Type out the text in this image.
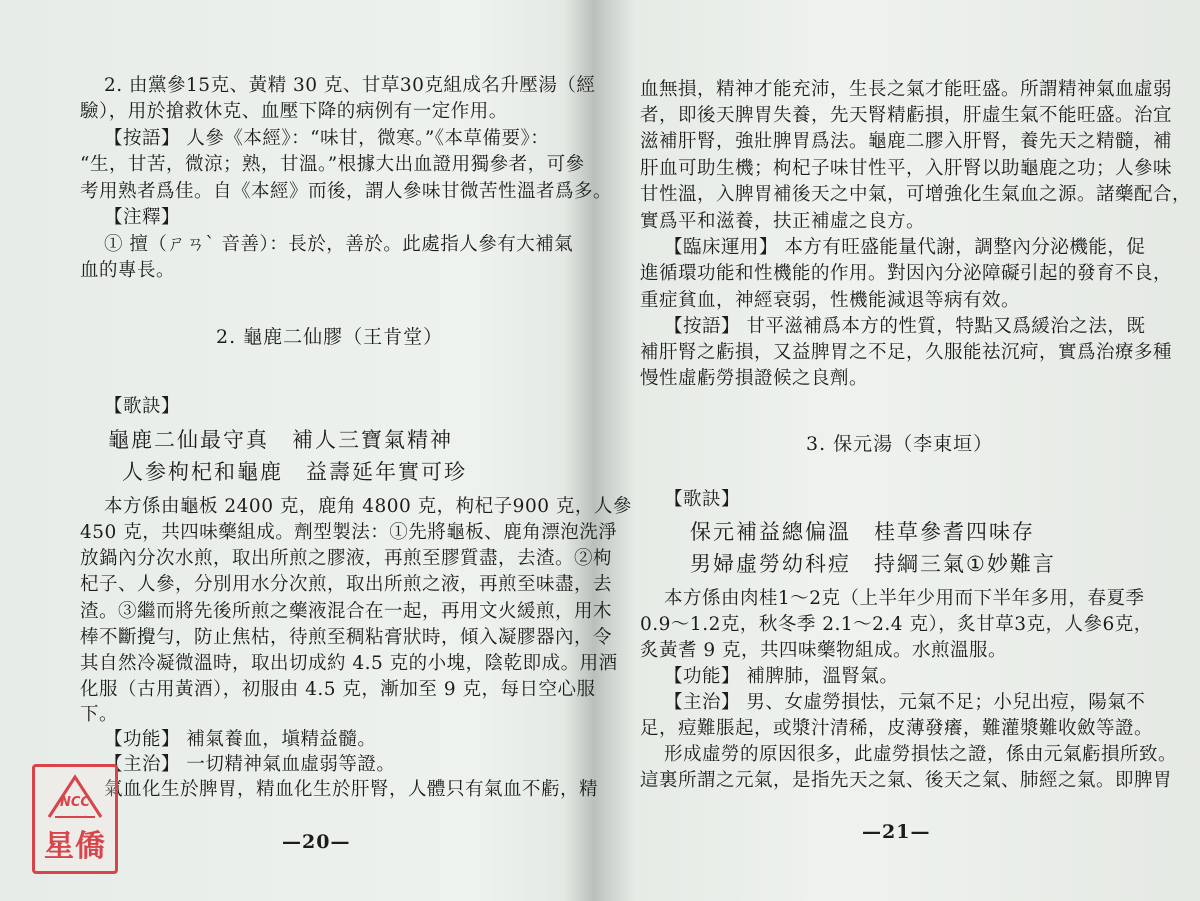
2. 由黨參15克、黃精 30 克、甘草30克組成名升壓湯（經
驗），用於搶救休克、血壓下降的病例有一定作用。
【按語】 人參《本經》：“味甘，微寒。”《本草備要》：
“生，甘苦，微涼；熟，甘溫。”根據大出血證用獨參者，可參
考用熟者爲佳。自《本經》而後，謂人參味甘微苦性溫者爲多。
【注釋】
① 擅（ㄕㄢˋ 音善）：長於，善於。此處指人參有大補氣
血的專長。
2. 龜鹿二仙膠（王肯堂）
【歌訣】
龜鹿二仙最守真　補人三寶氣精神
人参枸杞和龜鹿　益壽延年實可珍
本方係由龜板 2400 克，鹿角 4800 克，枸杞子900 克，人參
450 克，共四味藥組成。劑型製法：①先將龜板、鹿角漂泡洗淨
放鍋內分次水煎，取出所煎之膠液，再煎至膠質盡，去渣。②枸
杞子、人參，分別用水分次煎，取出所煎之液，再煎至味盡，去
渣。③繼而將先後所煎之藥液混合在一起，再用文火緩煎，用木
棒不斷攪勻，防止焦枯，待煎至稠粘膏狀時，傾入凝膠器內，令
其自然冷凝微溫時，取出切成約 4.5 克的小塊，陰乾即成。用酒
化服（古用黃酒），初服由 4.5 克，漸加至 9 克，每日空心服
下。
【功能】 補氣養血，塡精益髓。
【主治】 一切精神氣血虛弱等證。
氣血化生於脾胃，精血化生於肝腎，人體只有氣血不虧，精
—20—
血無損，精神才能充沛，生長之氣才能旺盛。所謂精神氣血虛弱
者，即後天脾胃失養，先天腎精虧損，肝虛生氣不能旺盛。治宜
滋補肝腎，強壯脾胃爲法。龜鹿二膠入肝腎，養先天之精髓，補
肝血可助生機；枸杞子味甘性平，入肝腎以助龜鹿之功；人參味
甘性溫，入脾胃補後天之中氣，可增強化生氣血之源。諸藥配合，
實爲平和滋養，扶正補虛之良方。
【臨床運用】 本方有旺盛能量代謝，調整內分泌機能，促
進循環功能和性機能的作用。對因內分泌障礙引起的發育不良，
重症貧血，神經衰弱，性機能減退等病有效。
【按語】 甘平滋補爲本方的性質，特點又爲緩治之法，既
補肝腎之虧損，又益脾胃之不足，久服能祛沉疴，實爲治療多種
慢性虛虧勞損證候之良劑。
3. 保元湯（李東垣）
【歌訣】
保元補益總偏溫　桂草參耆四味存
男婦虛勞幼科痘　持綱三氣①妙難言
本方係由肉桂1～2克（上半年少用而下半年多用，春夏季
0.9～1.2克，秋冬季 2.1～2.4 克），炙甘草3克，人參6克，
炙黃耆 9 克，共四味藥物組成。水煎溫服。
【功能】 補脾肺，溫腎氣。
【主治】 男、女虛勞損怯，元氣不足；小兒出痘，陽氣不
足，痘難脹起，或漿汁清稀，皮薄發癢，難灌漿難收斂等證。
形成虛勞的原因很多，此虛勞損怯之證，係由元氣虧損所致。
這裏所謂之元氣，是指先天之氣、後天之氣、肺經之氣。即脾胃
—21—
NCC
星僑
